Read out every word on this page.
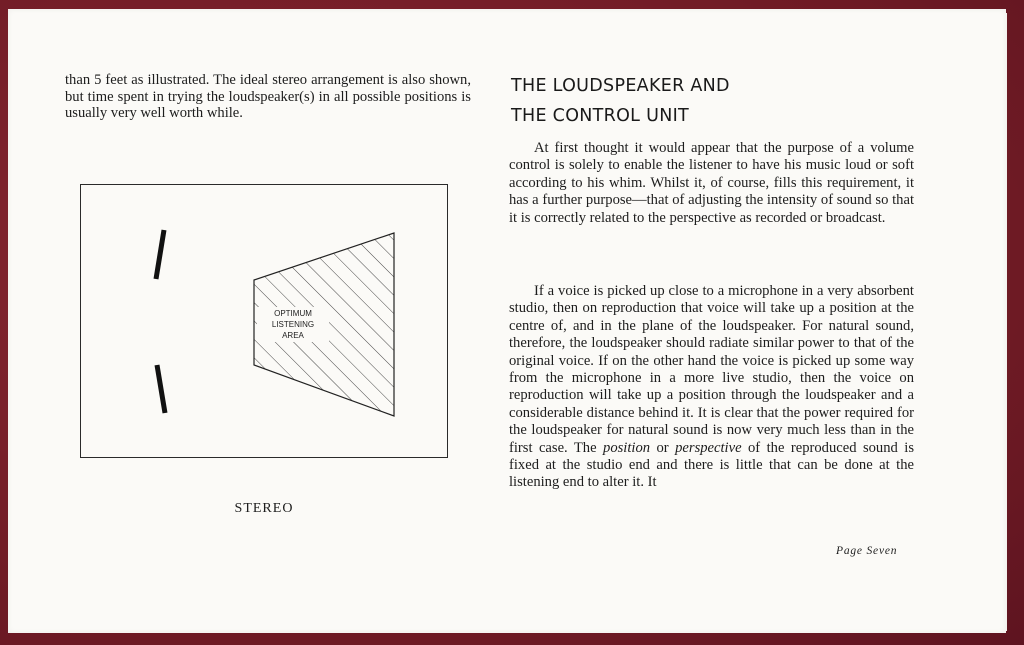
than 5 feet as illustrated. The ideal stereo arrangement is also shown, but time spent in trying the loudspeaker(s) in all possible positions is usually very well worth while.

OPTIMUM
LISTENING
AREA
STEREO
THE LOUDSPEAKER AND
THE CONTROL UNIT

At first thought it would appear that the purpose of a volume control is solely to enable the listener to have his music loud or soft according to his whim. Whilst it, of course, fills this requirement, it has a further purpose—that of adjusting the intensity of sound so that it is correctly related to the perspective as recorded or broadcast.

If a voice is picked up close to a microphone in a very absorbent studio, then on reproduction that voice will take up a position at the centre of, and in the plane of the loudspeaker. For natural sound, therefore, the loudspeaker should radiate similar power to that of the original voice. If on the other hand the voice is picked up some way from the microphone in a more live studio, then the voice on reproduction will take up a position through the loudspeaker and a considerable distance behind it. It is clear that the power required for the loudspeaker for natural sound is now very much less than in the first case. The position or perspective of the reproduced sound is fixed at the studio end and there is little that can be done at the listening end to alter it. It

Page Seven
